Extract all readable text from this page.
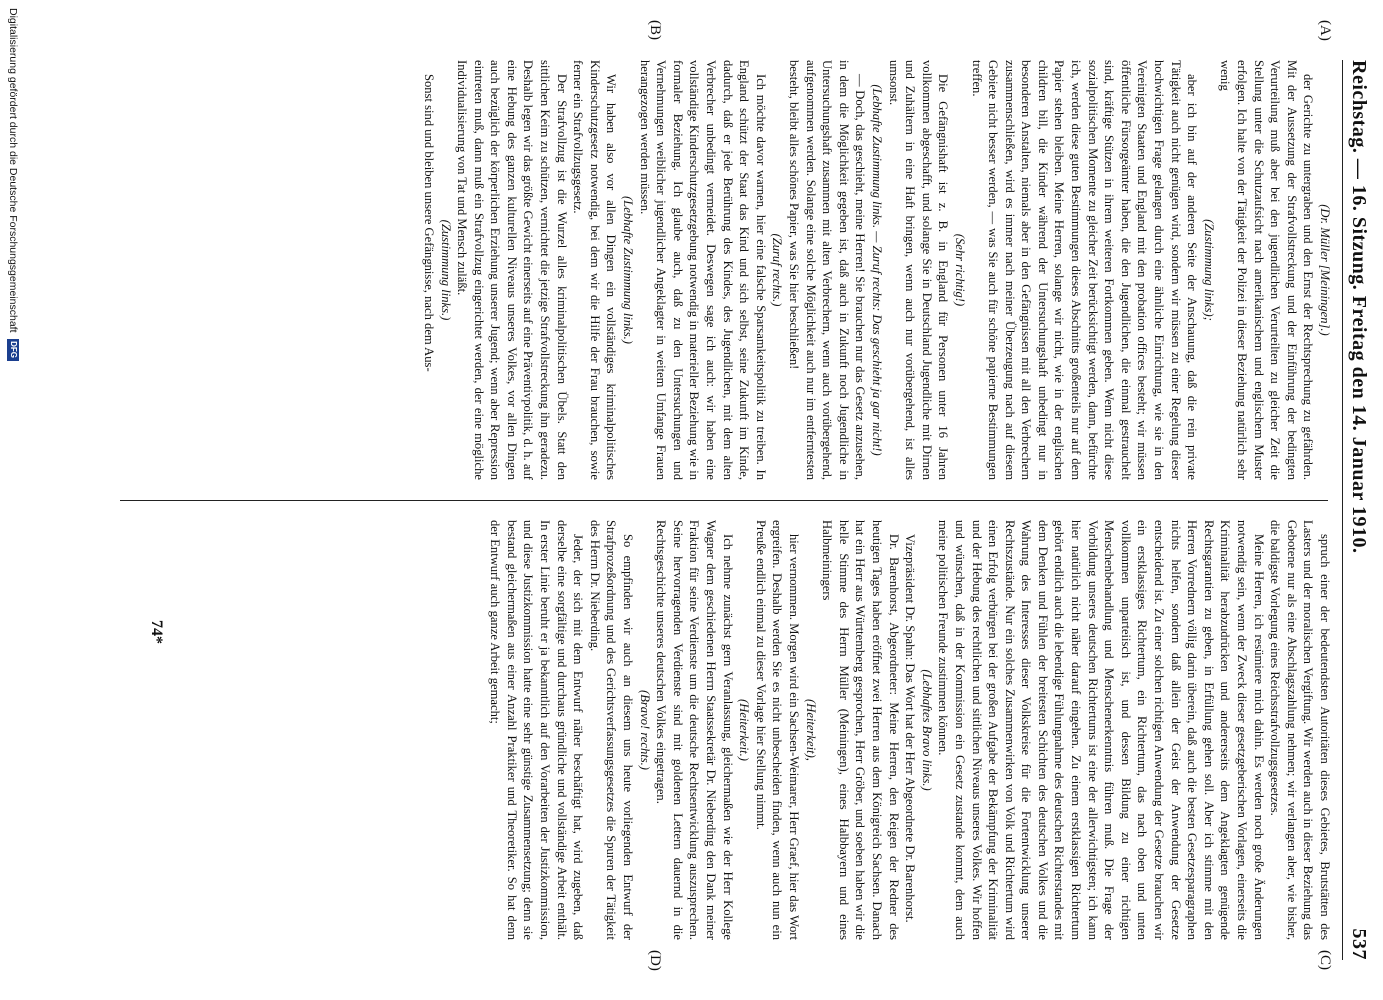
Reichstag. — 16. Sitzung. Freitag den 14. Januar 1910.
537
(A)
(B)
(C)
(D)

(Dr. Müller [Meiningen].)

der Gerichte zu untergraben und den Ernst der Rechtsprechung zu gefährden. Mit der Aussetzung der Strafvollstreckung und der Einführung der bedingten Verurteilung muß aber bei den jugendlichen Verurteilten zu gleicher Zeit die Stellung unter die Schutzaufsicht nach amerikanischem und englischem Muster erfolgen. Ich halte von der Tätigkeit der Polizei in dieser Beziehung natürlich sehr wenig

(Zustimmung links);

aber ich bin auf der anderen Seite der Anschauung, daß die rein private Tätigkeit auch nicht genügen wird, sondern wir müssen zu einer Regelung dieser hochwichtigen Frage gelangen durch eine ähnliche Einrichtung, wie sie in den Vereinigten Staaten und England mit den probation offices besteht; wir müssen öffentliche Fürsorgeämter haben, die den Jugendlichen, die einmal gestrauchelt sind, kräftige Stützen in ihrem weiteren Fortkommen geben. Wenn nicht diese sozialpolitischen Momente zu gleicher Zeit berücksichtigt werden, dann, befürchte ich, werden diese guten Bestimmungen dieses Abschnitts großenteils nur auf dem Papier stehen bleiben. Meine Herren, solange wir nicht, wie in der englischen children bill, die Kinder während der Untersuchungshaft unbedingt nur in besonderen Anstalten, niemals aber in den Gefängnissen mit all den Verbrechern zusammenschließen, wird es immer nach meiner Überzeugung nach auf diesem Gebiete nicht besser werden, — was Sie auch für schöne papierne Bestimmungen treffen.

(Sehr richtig!)

Die Gefängnishaft ist z. B. in England für Personen unter 16 Jahren vollkommen abgeschafft, und solange Sie in Deutschland Jugendliche mit Dirnen und Zuhältern in eine Haft bringen, wenn auch nur vorübergehend, ist alles umsonst.

(Lebhafte Zustimmung links. — Zuruf rechts: Das geschieht ja gar nicht!)

— Doch, das geschieht, meine Herren! Sie brauchen nur das Gesetz anzusehen, in dem die Möglichkeit gegeben ist, daß auch in Zukunft noch Jugendliche in Untersuchungshaft zusammen mit alten Verbrechern, wenn auch vorübergehend, aufgenommen werden. Solange eine solche Möglichkeit auch nur im entferntesten besteht, bleibt alles schönes Papier, was Sie hier beschließen!

(Zuruf rechts.)

Ich möchte davor warnen, hier eine falsche Sparsamkeitspolitik zu treiben. In England schützt der Staat das Kind und sich selbst, seine Zukunft im Kinde, dadurch, daß er jede Berührung des Kindes, des Jugendlichen, mit dem alten Verbrecher unbedingt vermeidet. Deswegen sage ich auch: wir haben eine vollständige Kinderschutzgesetzgebung notwendig in materieller Beziehung wie in formaler Beziehung. Ich glaube auch, daß zu den Untersuchungen und Vernehmungen weiblicher jugendlicher Angeklagter in weitem Umfange Frauen herangezogen werden müssen.

(Lebhafte Zustimmung links.)

Wir haben also vor allen Dingen ein vollständiges kriminalpolitisches Kinderschutzgesetz notwendig, bei dem wir die Hilfe der Frau brauchen, sowie ferner ein Strafvollzugsgesetz.

Der Strafvollzug ist die Wurzel alles kriminalpolitischen Übels. Statt den sittlichen Keim zu schützen, vernichtet die jetzige Strafvollstreckung ihn geradezu. Deshalb legen wir das größte Gewicht einerseits auf eine Präventivpolitik, d. h. auf eine Hebung des ganzen kulturellen Niveaus unseres Volkes, vor allen Dingen auch bezüglich der körperlichen Erziehung unserer Jugend; wenn aber Repression eintreten muß, dann muß ein Strafvollzug eingerichtet werden, der eine mögliche Individualisierung von Tat und Mensch zuläßt.

(Zustimmung links.)

Sonst sind und bleiben unsere Gefängnisse, nach dem Aus-

spruch einer der bedeutendsten Autoritäten dieses Gebietes, Brutstätten des Lasters und der moralischen Vergiftung. Wir werden auch in dieser Beziehung das Gebotene nur als eine Abschlagszahlung nehmen; wir verlangen aber, wie bisher, die baldigste Vorlegung eines Reichsstrafvollzugsgesetzes.

Meine Herren, ich resümiere mich dahin. Es werden noch große Änderungen notwendig sein, wenn der Zweck dieser gesetzgeberischen Vorlagen, einerseits die Kriminalität herabzudrücken und andererseits dem Angeklagten genügende Rechtsgarantien zu geben, in Erfüllung gehen soll. Aber ich stimme mit den Herren Vorrednern völlig darin überein, daß auch die besten Gesetzesparagraphen nichts helfen, sondern daß allein der Geist der Anwendung der Gesetze entscheidend ist. Zu einer solchen richtigen Anwendung der Gesetze brauchen wir ein erstklassiges Richtertum, ein Richtertum, das nach oben und unten vollkommen unparteiisch ist, und dessen Bildung zu einer richtigen Menschenbehandlung und Menschenerkenntnis führen muß. Die Frage der Vorbildung unseres deutschen Richtertums ist eine der allerwichtigsten; ich kann hier natürlich nicht näher darauf eingehen. Zu einem erstklassigen Richtertum gehört endlich auch die lebendige Fühlungnahme des deutschen Richterstandes mit dem Denken und Fühlen der breitesten Schichten des deutschen Volkes und die Wahrung des Interesses dieser Volkskreise für die Fortentwicklung unserer Rechtszustände. Nur ein solches Zusammenwirken von Volk und Richtertum wird einen Erfolg verbürgen bei der großen Aufgabe der Bekämpfung der Kriminalität und der Hebung des rechtlichen und sittlichen Niveaus unseres Volkes. Wir hoffen und wünschen, daß in der Kommission ein Gesetz zustande kommt, dem auch meine politischen Freunde zustimmen können.

(Lebhaftes Bravo links.)

Vizepräsident Dr. Spahn: Das Wort hat der Herr Abgeordnete Dr. Barenhorst.

Dr. Barenhorst, Abgeordneter: Meine Herren, den Reigen der Redner des heutigen Tages haben eröffnet zwei Herren aus dem Königreich Sachsen. Danach hat ein Herr aus Württemberg gesprochen, Herr Gröber, und soeben haben wir die helle Stimme des Herrn Müller (Meiningen), eines Halbbayern und eines Halbmeiningers

(Heiterkeit),

hier vernommen. Morgen wird ein Sachsen-Weimarer, Herr Graef, hier das Wort ergreifen. Deshalb werden Sie es nicht unbescheiden finden, wenn auch nun ein Preuße endlich einmal zu dieser Vorlage hier Stellung nimmt.

(Heiterkeit.)

Ich nehme zunächst gern Veranlassung, gleichermaßen wie der Herr Kollege Wagner dem geschiedenen Herrn Staatssekretär Dr. Nieberding den Dank meiner Fraktion für seine Verdienste um die deutsche Rechtsentwicklung auszusprechen. Seine hervorragenden Verdienste sind mit goldenen Lettern dauernd in die Rechtsgeschichte unseres deutschen Volkes eingetragen.

(Bravo! rechts.)

So empfinden wir auch an diesem uns heute vorliegenden Entwurf der Strafprozeßordnung und des Gerichtsverfassungsgesetzes die Spuren der Tätigkeit des Herrn Dr. Nieberding.

Jeder, der sich mit dem Entwurf näher beschäftigt hat, wird zugeben, daß derselbe eine sorgfältige und durchaus gründliche und vollständige Arbeit enthält. In erster Linie beruht er ja bekanntlich auf den Vorarbeiten der Justizkommission, und diese Justizkommission hatte eine sehr günstige Zusammensetzung; denn sie bestand gleichermaßen aus einer Anzahl Praktiker und Theoretiker. So hat denn der Entwurf auch ganze Arbeit gemacht;

74*
Digitalisierung gefördert durch die Deutsche Forschungsgemeinschaft
DFG
